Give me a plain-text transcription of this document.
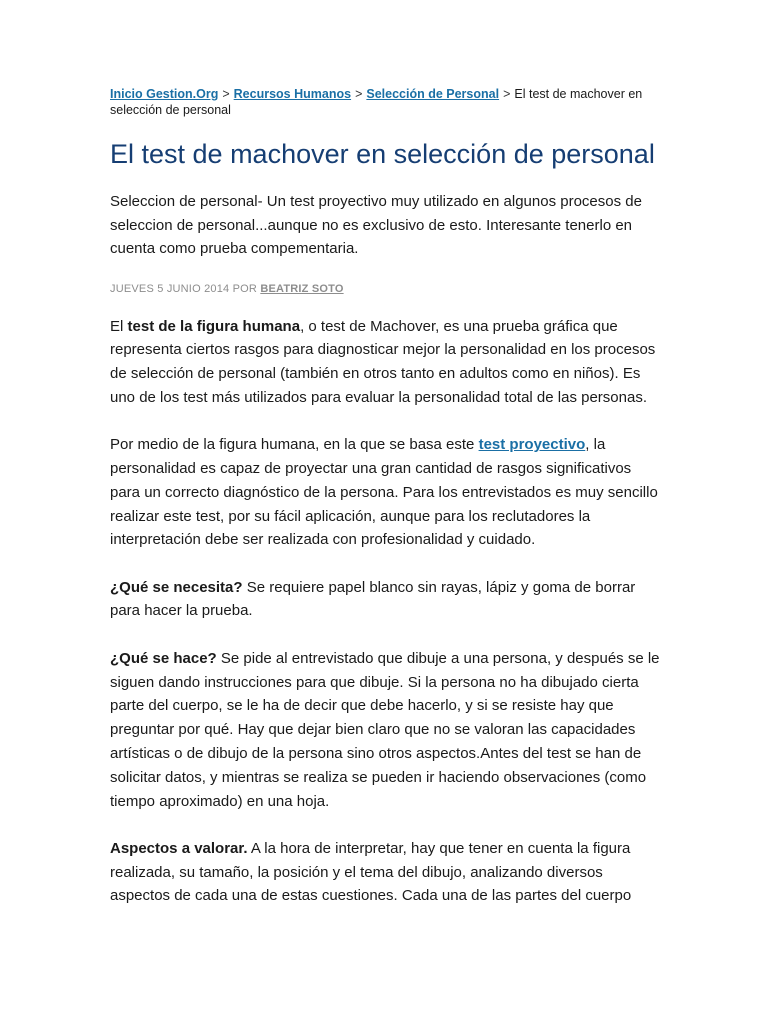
Inicio Gestion.Org > Recursos Humanos > Selección de Personal > El test de machover en selección de personal
El test de machover en selección de personal

Seleccion de personal- Un test proyectivo muy utilizado en algunos procesos de seleccion de personal...aunque no es exclusivo de esto. Interesante tenerlo en cuenta como prueba compementaria.

JUEVES 5 JUNIO 2014 POR BEATRIZ SOTO

El test de la figura humana, o test de Machover, es una prueba gráfica que representa ciertos rasgos para diagnosticar mejor la personalidad en los procesos de selección de personal (también en otros tanto en adultos como en niños). Es uno de los test más utilizados para evaluar la personalidad total de las personas.

Por medio de la figura humana, en la que se basa este test proyectivo, la personalidad es capaz de proyectar una gran cantidad de rasgos significativos para un correcto diagnóstico de la persona. Para los entrevistados es muy sencillo realizar este test, por su fácil aplicación, aunque para los reclutadores la interpretación debe ser realizada con profesionalidad y cuidado.

¿Qué se necesita? Se requiere papel blanco sin rayas, lápiz y goma de borrar para hacer la prueba.

¿Qué se hace? Se pide al entrevistado que dibuje a una persona, y después se le siguen dando instrucciones para que dibuje. Si la persona no ha dibujado cierta parte del cuerpo, se le ha de decir que debe hacerlo, y si se resiste hay que preguntar por qué. Hay que dejar bien claro que no se valoran las capacidades artísticas o de dibujo de la persona sino otros aspectos.Antes del test se han de solicitar datos, y mientras se realiza se pueden ir haciendo observaciones (como tiempo aproximado) en una hoja.

Aspectos a valorar. A la hora de interpretar, hay que tener en cuenta la figura realizada, su tamaño, la posición y el tema del dibujo, analizando diversos aspectos de cada una de estas cuestiones. Cada una de las partes del cuerpo
